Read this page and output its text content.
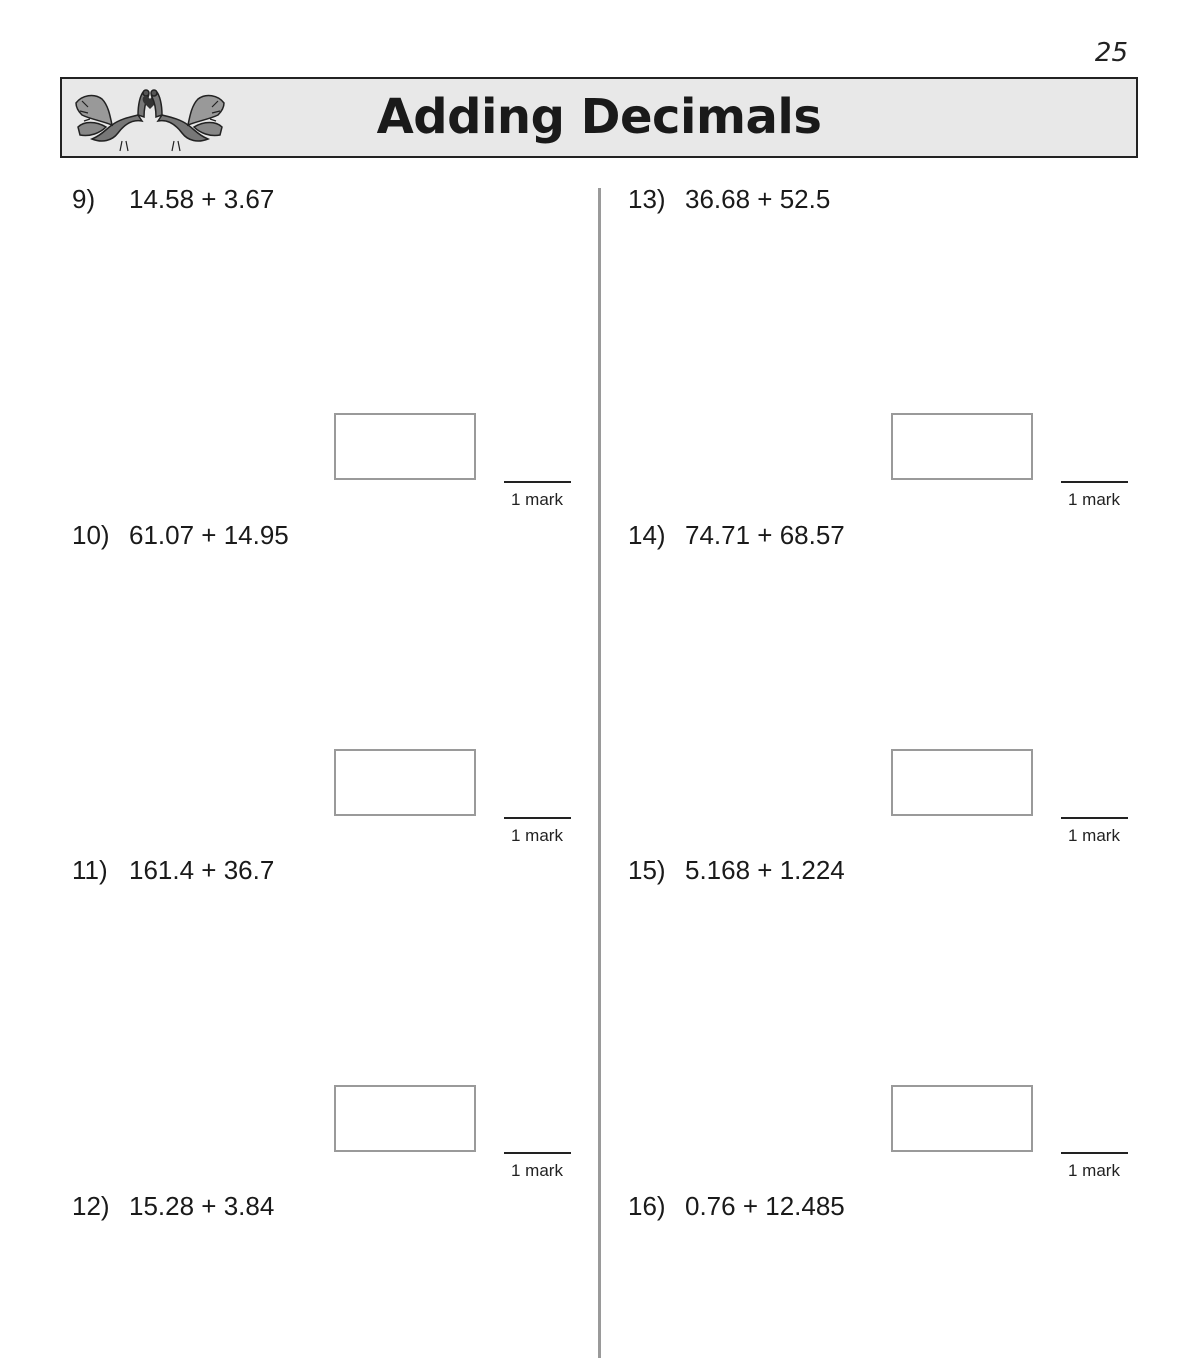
25
Adding Decimals
9) 14.58 + 3.67
1 mark
10) 61.07 + 14.95
1 mark
11) 161.4 + 36.7
1 mark
12) 15.28 + 3.84
13) 36.68 + 52.5
1 mark
14) 74.71 + 68.57
1 mark
15) 5.168 + 1.224
1 mark
16) 0.76 + 12.485
